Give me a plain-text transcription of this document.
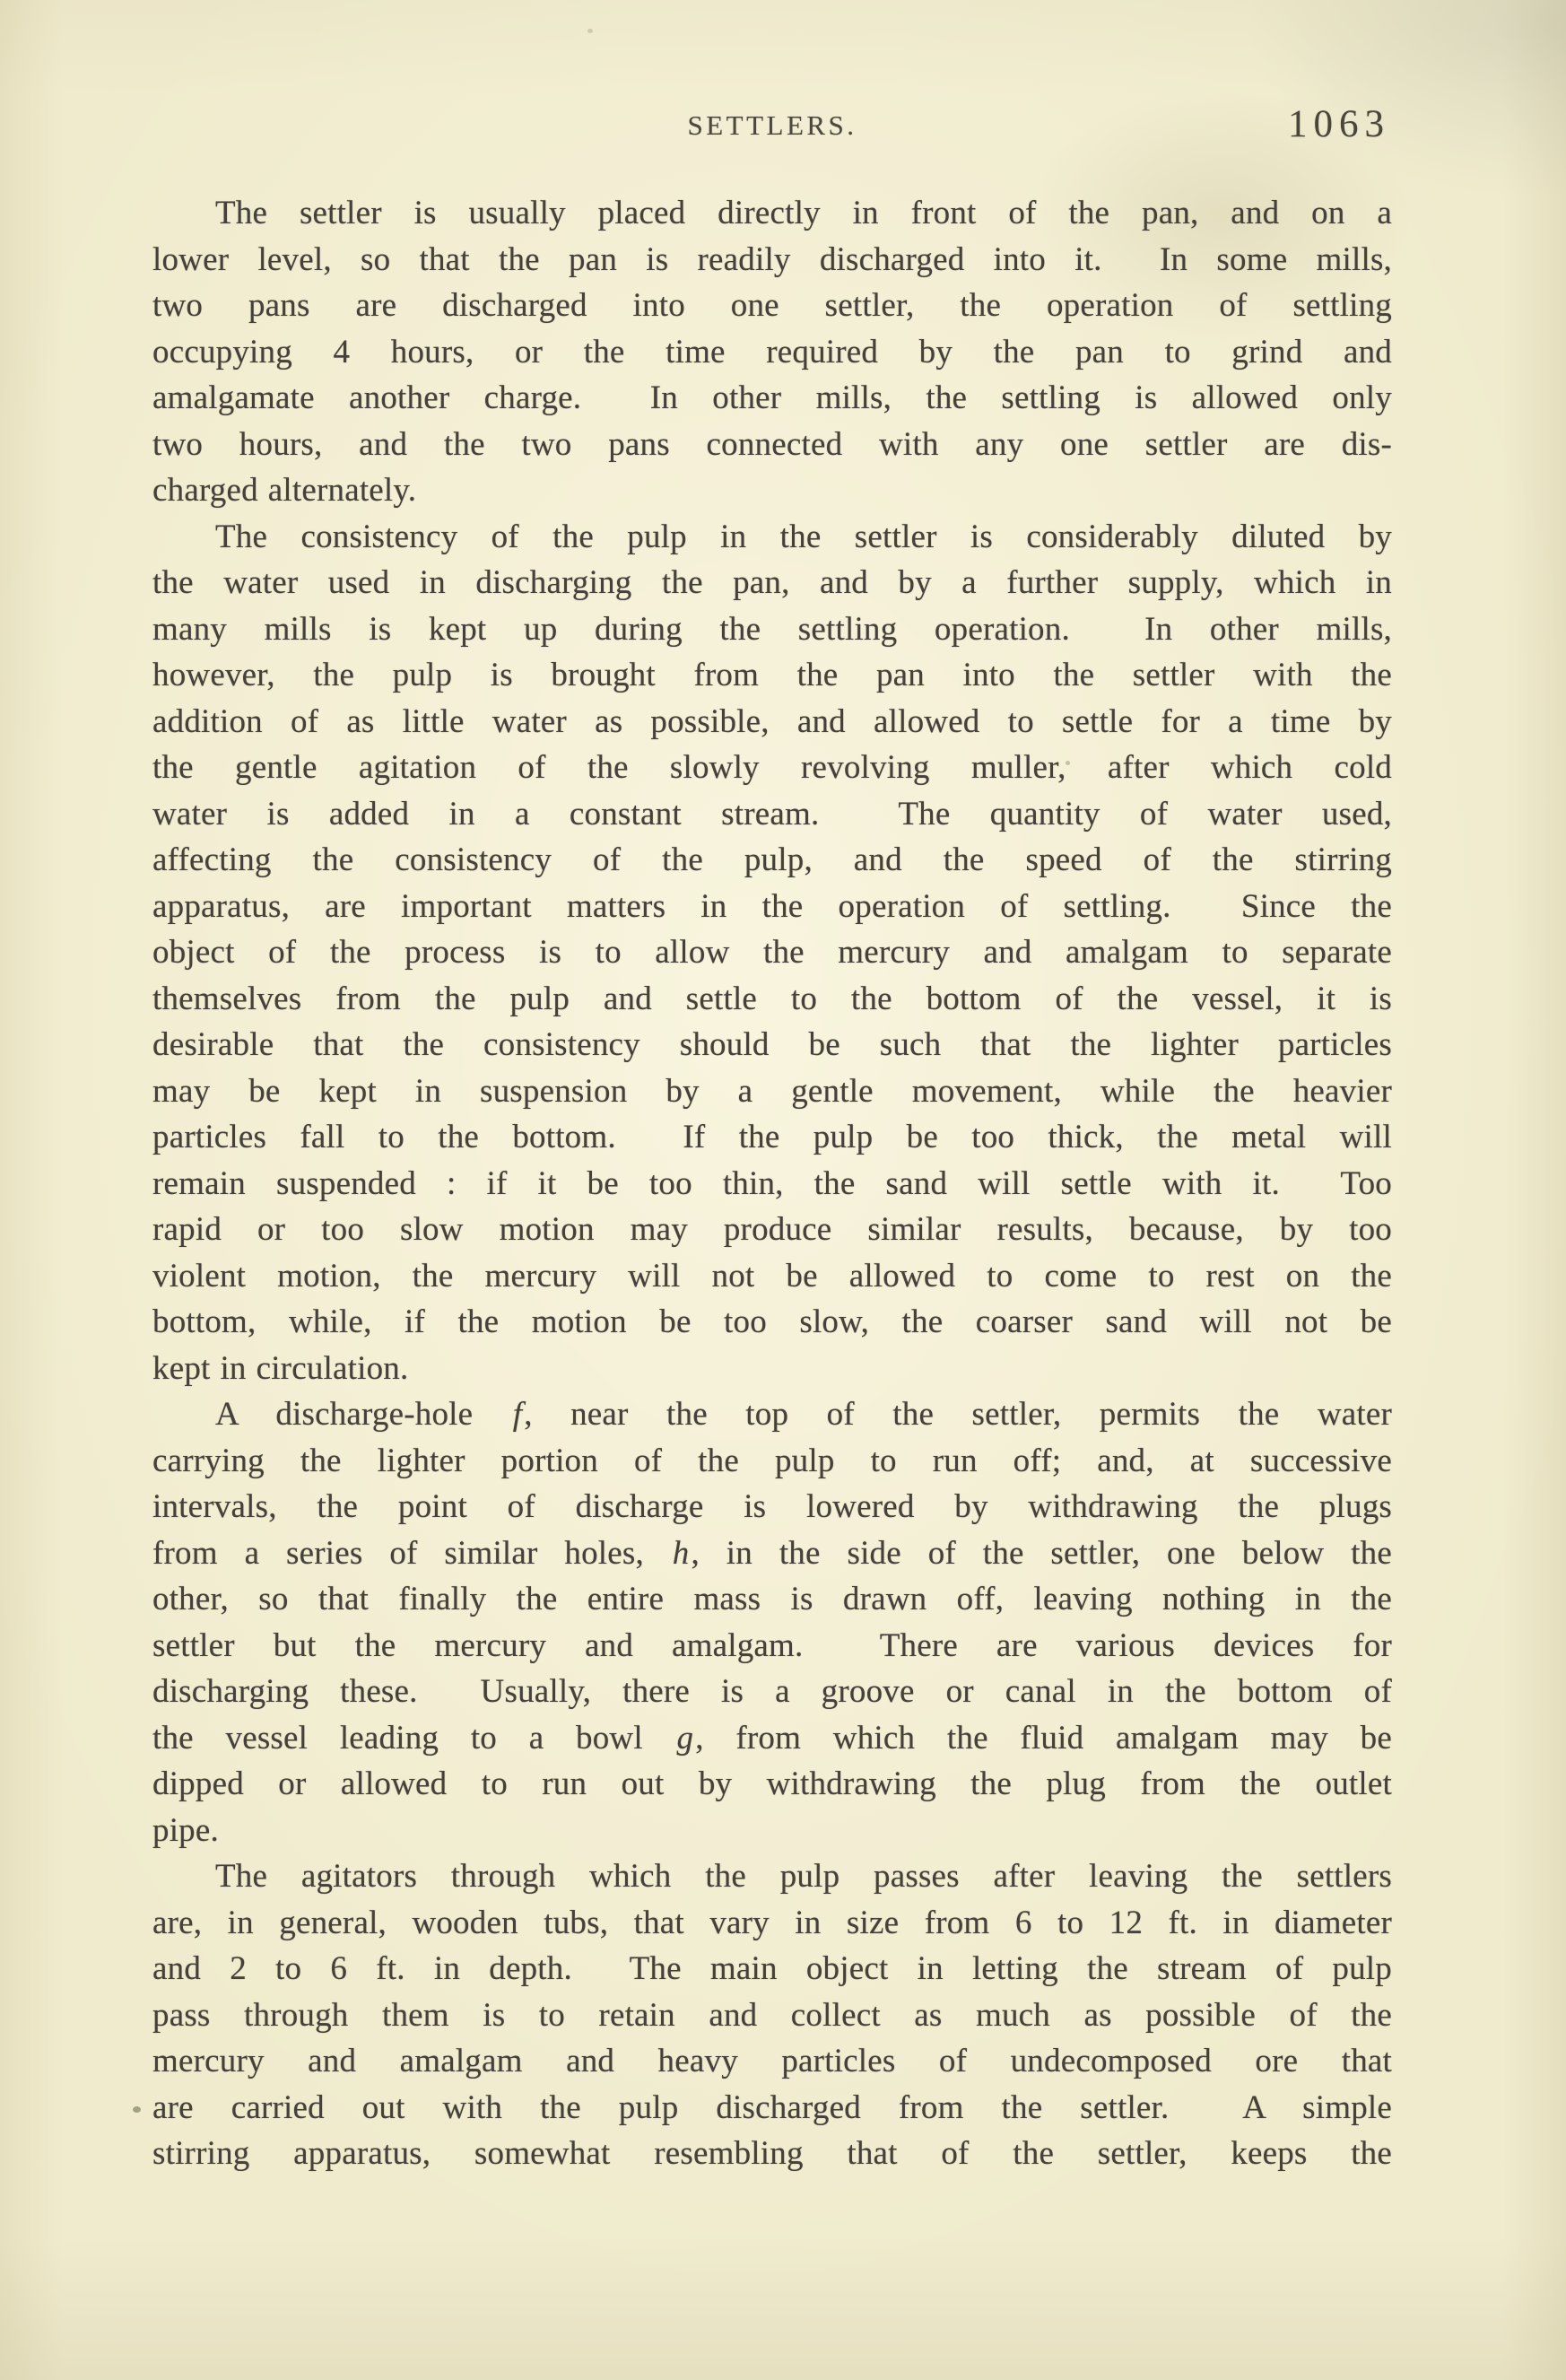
SETTLERS.	1063
The settler is usually placed directly in front of the pan, and on a
lower level, so that the pan is readily discharged into it.  In some mills,
two pans are discharged into one settler, the operation of settling
occupying 4 hours, or the time required by the pan to grind and
amalgamate another charge.  In other mills, the settling is allowed only
two hours, and the two pans connected with any one settler are dis-
charged alternately.
The consistency of the pulp in the settler is considerably diluted by
the water used in discharging the pan, and by a further supply, which in
many mills is kept up during the settling operation.  In other mills,
however, the pulp is brought from the pan into the settler with the
addition of as little water as possible, and allowed to settle for a time by
the gentle agitation of the slowly revolving muller, after which cold
water is added in a constant stream.  The quantity of water used,
affecting the consistency of the pulp, and the speed of the stirring
apparatus, are important matters in the operation of settling.  Since the
object of the process is to allow the mercury and amalgam to separate
themselves from the pulp and settle to the bottom of the vessel, it is
desirable that the consistency should be such that the lighter particles
may be kept in suspension by a gentle movement, while the heavier
particles fall to the bottom.  If the pulp be too thick, the metal will
remain suspended : if it be too thin, the sand will settle with it.  Too
rapid or too slow motion may produce similar results, because, by too
violent motion, the mercury will not be allowed to come to rest on the
bottom, while, if the motion be too slow, the coarser sand will not be
kept in circulation.
A discharge-hole f, near the top of the settler, permits the water
carrying the lighter portion of the pulp to run off; and, at successive
intervals, the point of discharge is lowered by withdrawing the plugs
from a series of similar holes, h, in the side of the settler, one below the
other, so that finally the entire mass is drawn off, leaving nothing in the
settler but the mercury and amalgam.  There are various devices for
discharging these.  Usually, there is a groove or canal in the bottom of
the vessel leading to a bowl g, from which the fluid amalgam may be
dipped or allowed to run out by withdrawing the plug from the outlet
pipe.
The agitators through which the pulp passes after leaving the settlers
are, in general, wooden tubs, that vary in size from 6 to 12 ft. in diameter
and 2 to 6 ft. in depth.  The main object in letting the stream of pulp
pass through them is to retain and collect as much as possible of the
mercury and amalgam and heavy particles of undecomposed ore that
are carried out with the pulp discharged from the settler.  A simple
stirring apparatus, somewhat resembling that of the settler, keeps the
